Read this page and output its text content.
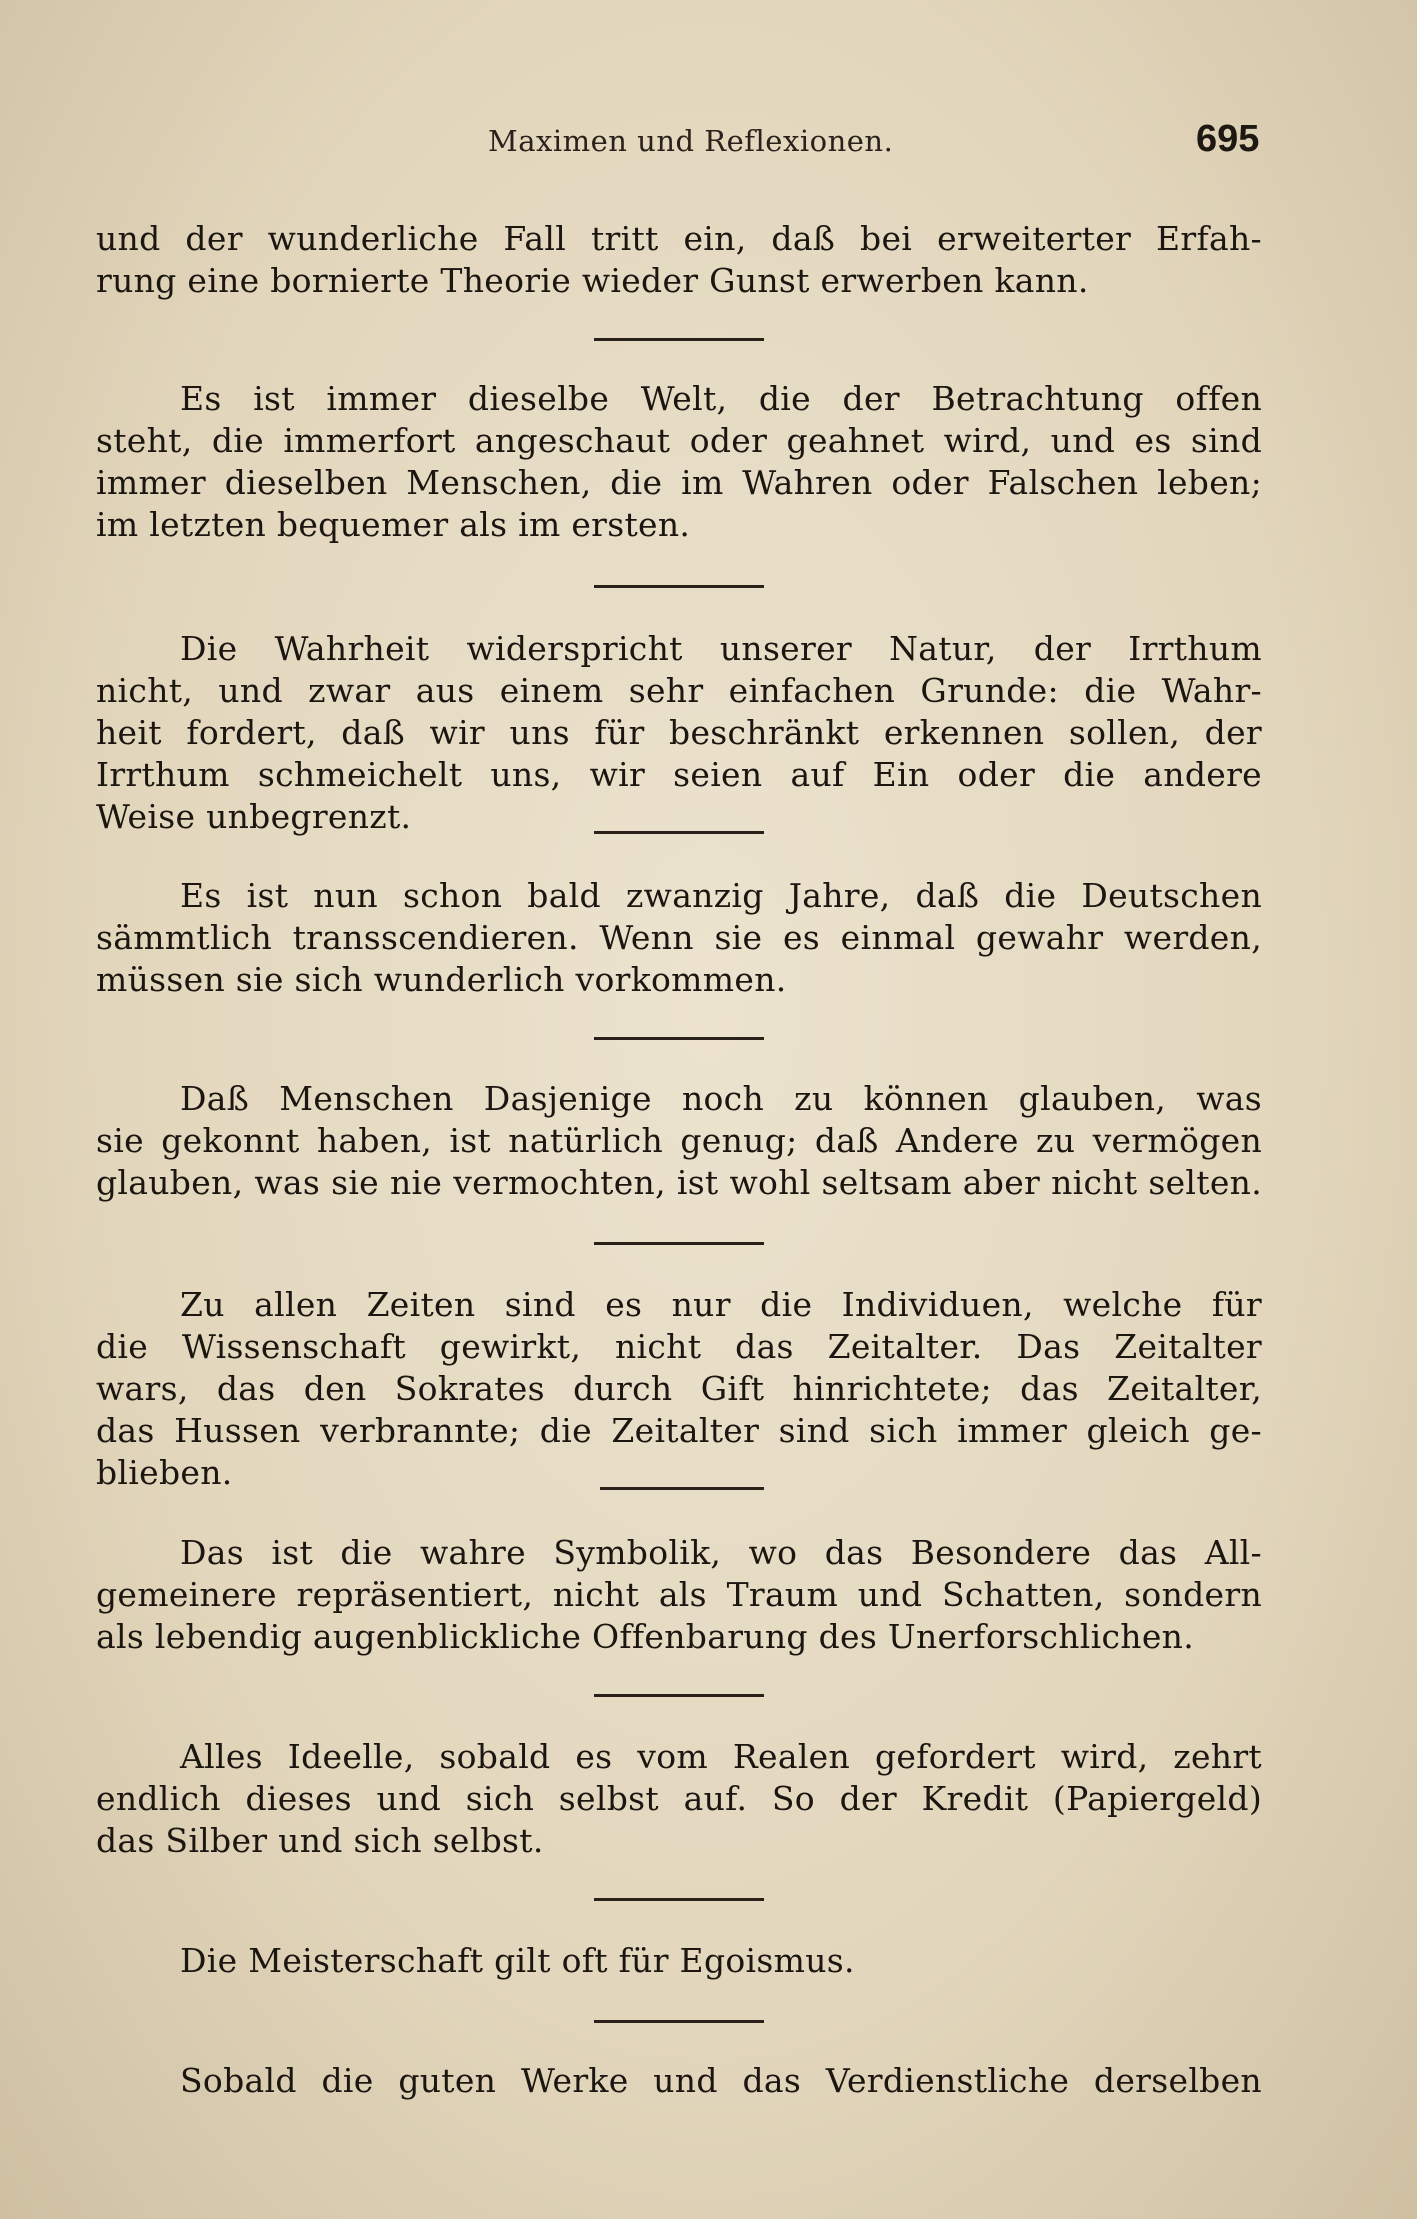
Maximen und Reflexionen.	695
und der wunderliche Fall tritt ein, daß bei erweiterter Erfah-
rung eine bornierte Theorie wieder Gunst erwerben kann.
Es ist immer dieselbe Welt, die der Betrachtung offen
steht, die immerfort angeschaut oder geahnet wird, und es sind
immer dieselben Menschen, die im Wahren oder Falschen leben;
im letzten bequemer als im ersten.
Die Wahrheit widerspricht unserer Natur, der Irrthum
nicht, und zwar aus einem sehr einfachen Grunde: die Wahr-
heit fordert, daß wir uns für beschränkt erkennen sollen, der
Irrthum schmeichelt uns, wir seien auf Ein oder die andere
Weise unbegrenzt.
Es ist nun schon bald zwanzig Jahre, daß die Deutschen
sämmtlich transscendieren. Wenn sie es einmal gewahr werden,
müssen sie sich wunderlich vorkommen.
Daß Menschen Dasjenige noch zu können glauben, was
sie gekonnt haben, ist natürlich genug; daß Andere zu vermögen
glauben, was sie nie vermochten, ist wohl seltsam aber nicht selten.
Zu allen Zeiten sind es nur die Individuen, welche für
die Wissenschaft gewirkt, nicht das Zeitalter. Das Zeitalter
wars, das den Sokrates durch Gift hinrichtete; das Zeitalter,
das Hussen verbrannte; die Zeitalter sind sich immer gleich ge-
blieben.
Das ist die wahre Symbolik, wo das Besondere das All-
gemeinere repräsentiert, nicht als Traum und Schatten, sondern
als lebendig augenblickliche Offenbarung des Unerforschlichen.
Alles Ideelle, sobald es vom Realen gefordert wird, zehrt
endlich dieses und sich selbst auf. So der Kredit (Papiergeld)
das Silber und sich selbst.
Die Meisterschaft gilt oft für Egoismus.
Sobald die guten Werke und das Verdienstliche derselben
